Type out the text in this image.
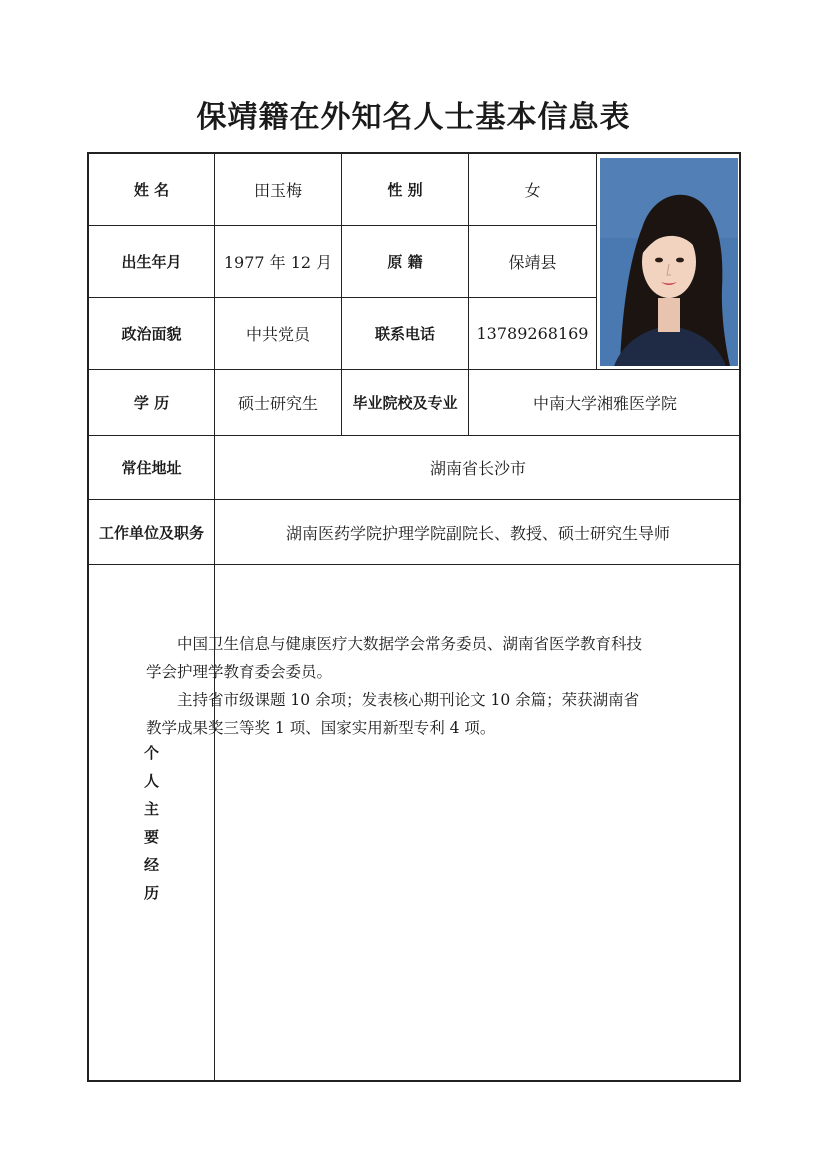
保靖籍在外知名人士基本信息表
姓 名	田玉梅	性 别	女
出生年月	1977 年 12 月	原 籍	保靖县
政治面貌	中共党员	联系电话	13789268169
学 历	硕士研究生	毕业院校及专业	中南大学湘雅医学院
常住地址	湖南省长沙市
工作单位及职务	湖南医药学院护理学院副院长、教授、硕士研究生导师
个
人
主
要
经
历

中国卫生信息与健康医疗大数据学会常务委员、湖南省医学教育科技学会护理学教育委会委员。

主持省市级课题 10 余项；发表核心期刊论文 10 余篇；荣获湖南省教学成果奖三等奖 1 项、国家实用新型专利 4 项。
